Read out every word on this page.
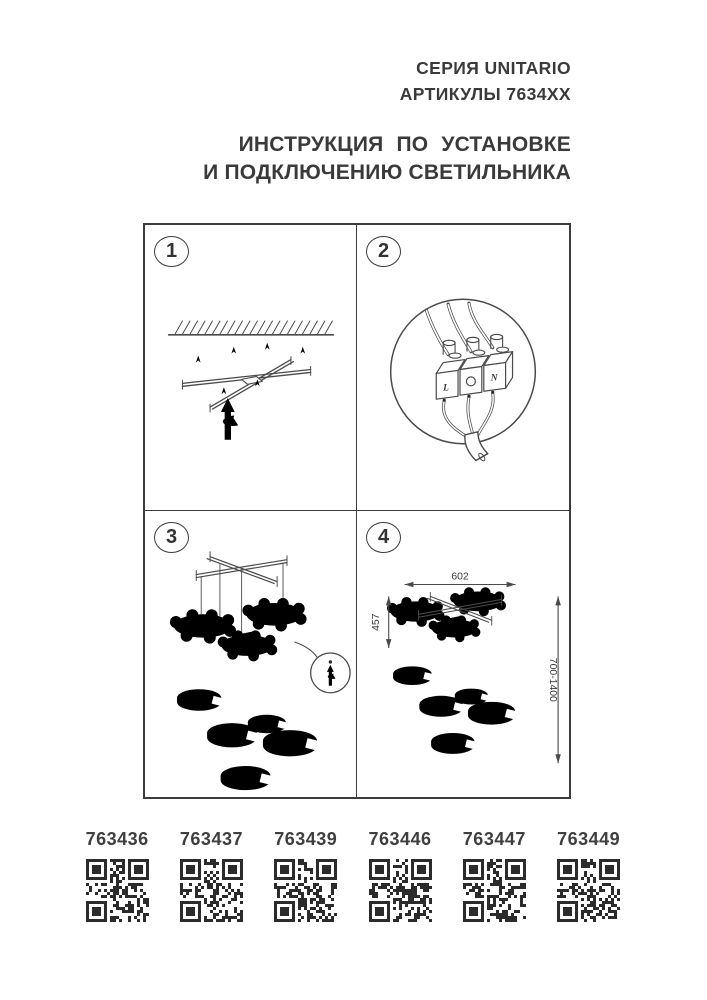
СЕРИЯ UNITARIO
АРТИКУЛЫ 7634XX
ИНСТРУКЦИЯ ПО УСТАНОВКЕ
И ПОДКЛЮЧЕНИЮ СВЕТИЛЬНИКА
1
L
N
2
3
602
457
700-1400
4
763436 763437 763439 763446 763447 763449
